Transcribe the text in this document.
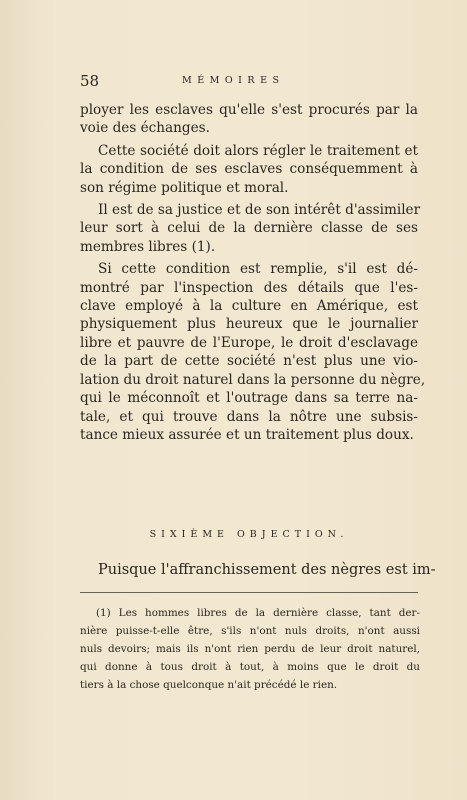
58	MÉMOIRES

ployer les esclaves qu'elle s'est procurés par la
voie des échanges.

Cette société doit alors régler le traitement et
la condition de ses esclaves conséquemment à
son régime politique et moral.

Il est de sa justice et de son intérêt d'assimiler
leur sort à celui de la dernière classe de ses
membres libres (1).

Si cette condition est remplie, s'il est dé-
montré par l'inspection des détails que l'es-
clave employé à la culture en Amérique, est
physiquement plus heureux que le journalier
libre et pauvre de l'Europe, le droit d'esclavage
de la part de cette société n'est plus une vio-
lation du droit naturel dans la personne du nègre,
qui le méconnoît et l'outrage dans sa terre na-
tale, et qui trouve dans la nôtre une subsis-
tance mieux assurée et un traitement plus doux.

SIXIÈME OBJECTION.
Puisque l'affranchissement des nègres est im-
(1) Les hommes libres de la dernière classe, tant der-
nière puisse-t-elle être, s'ils n'ont nuls droits, n'ont aussi
nuls devoirs; mais ils n'ont rien perdu de leur droit naturel,
qui donne à tous droit à tout, à moins que le droit du
tiers à la chose quelconque n'ait précédé le rien.
